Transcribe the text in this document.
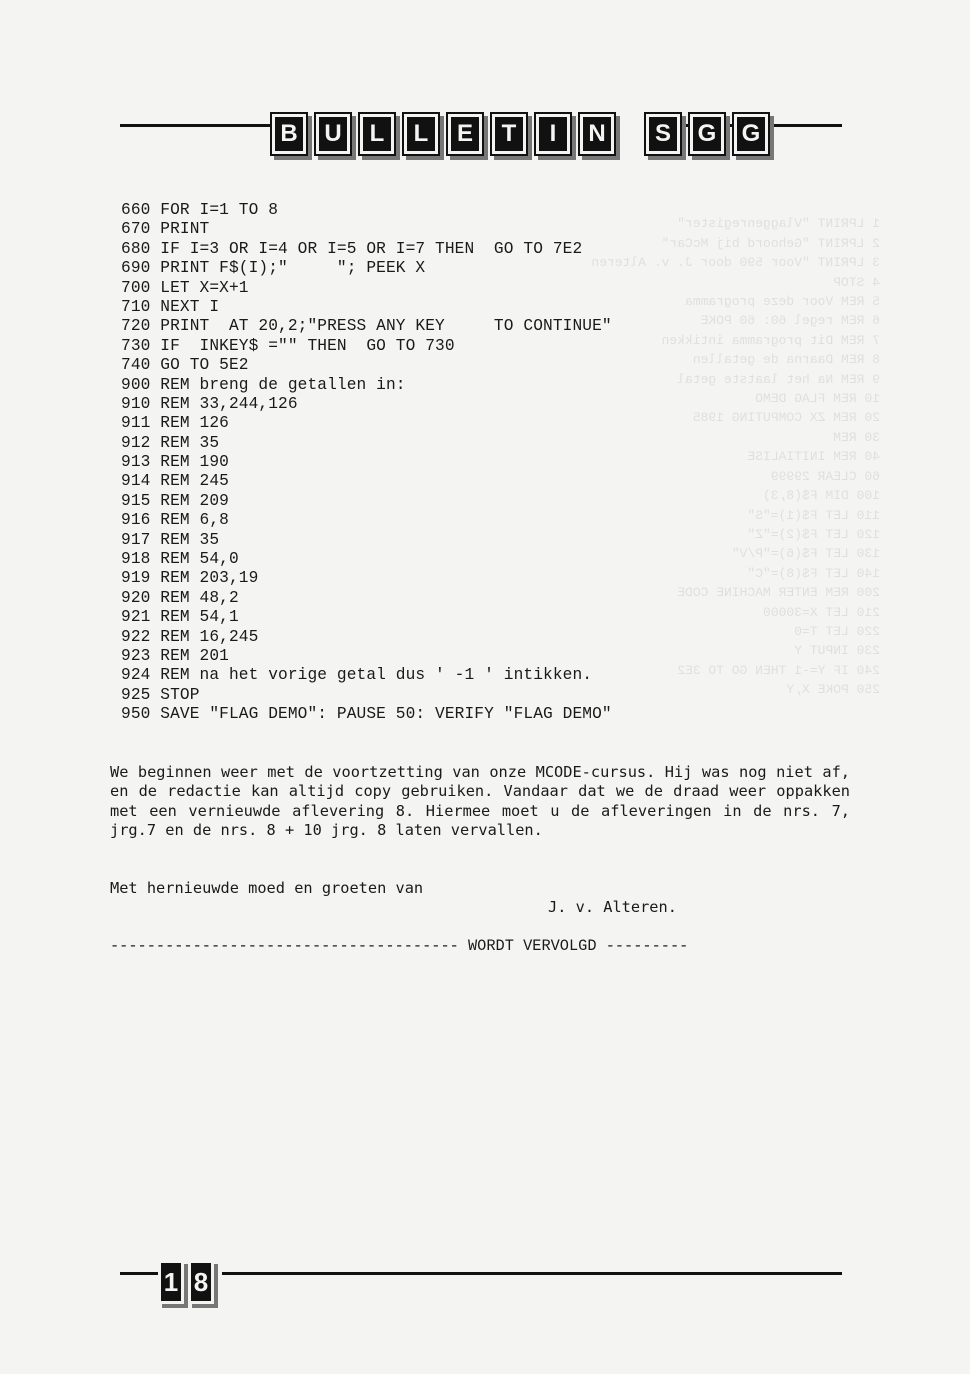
B	U	L	L	E	T	I	N	S	G	G

1 LPRINT "Vlaggenregister"
2 LPRINT "Gehoord bij McCar"
3 LPRINT "Voor 590 door J. v. Alteren
4 STOP
5 REM Voor deze programma
6 REM regel 60: 60 POKE
7 REM Dit programma intikken
8 REM Daarna de getallen
9 REM Na het laatste getal
10 REM FLAG DEMO
20 REM ZX COMPUTING 1985
30 REM
40 REM INITIALISE
60 CLEAR 29999
100 DIM F$(8,3)
110 LET F$(1)="S"
120 LET F$(2)="Z"
130 LET F$(6)="P/V"
140 LET F$(8)="C"
200 REM ENTER MACHINE CODE
210 LET X=30000
220 LET T=0
230 INPUT Y
240 IF Y=-1 THEN GO TO 3E2
250 POKE X,Y

660 FOR I=1 TO 8
670 PRINT
680 IF I=3 OR I=4 OR I=5 OR I=7 THEN  GO TO 7E2
690 PRINT F$(I);"     "; PEEK X
700 LET X=X+1
710 NEXT I
720 PRINT  AT 20,2;"PRESS ANY KEY     TO CONTINUE"
730 IF  INKEY$ ="" THEN  GO TO 730
740 GO TO 5E2
900 REM breng de getallen in:
910 REM 33,244,126
911 REM 126
912 REM 35
913 REM 190
914 REM 245
915 REM 209
916 REM 6,8
917 REM 35
918 REM 54,0
919 REM 203,19
920 REM 48,2
921 REM 54,1
922 REM 16,245
923 REM 201
924 REM na het vorige getal dus ' -1 ' intikken.
925 STOP
950 SAVE "FLAG DEMO": PAUSE 50: VERIFY "FLAG DEMO"

We beginnen weer met de voortzetting van onze MCODE-cursus. Hij was nog niet af, en de redactie kan altijd copy gebruiken. Vandaar dat we de draad weer oppakken met een vernieuwde aflevering 8. Hiermee moet u de afleveringen in de nrs. 7, jrg.7 en de nrs. 8 + 10 jrg. 8 laten vervallen.

Met hernieuwde moed en groeten van
J. v. Alteren.
-------------------------------------- WORDT VERVOLGD ---------
1 8
